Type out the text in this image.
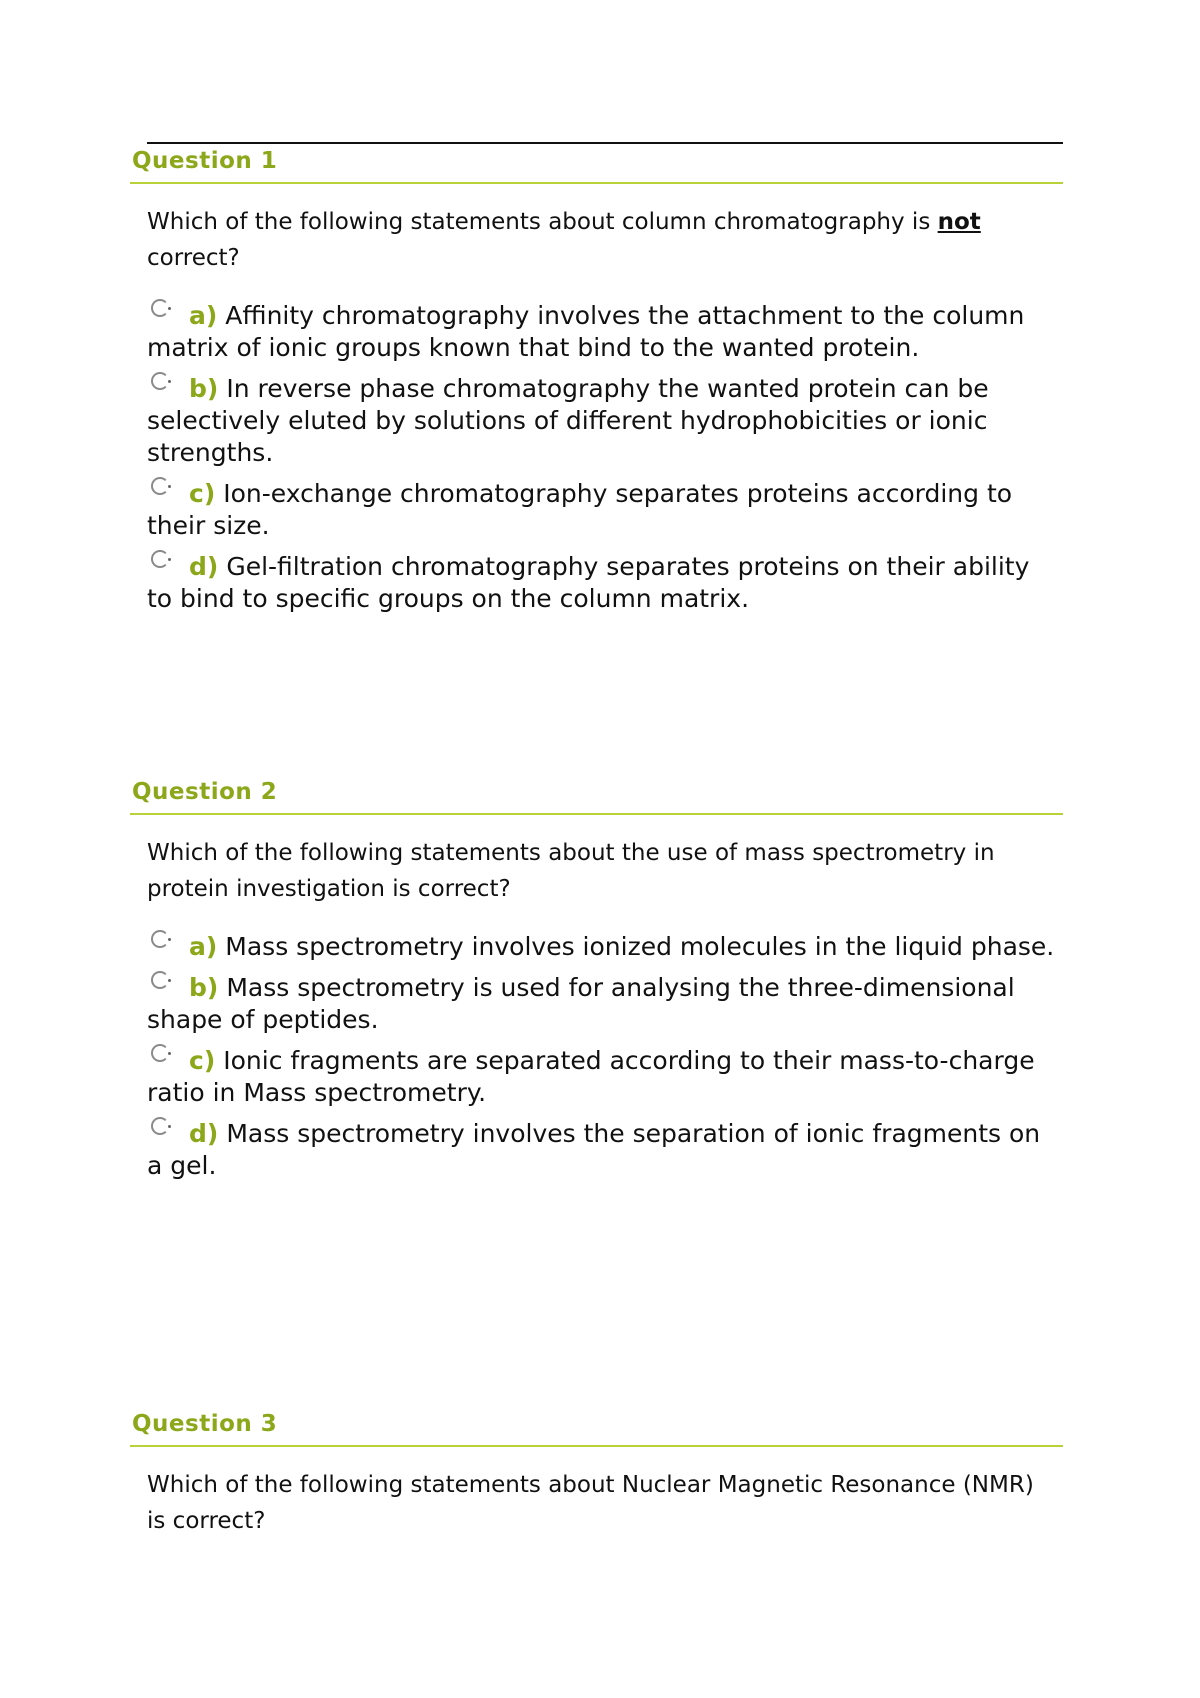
Question 1
Which of the following statements about column chromatography is not correct?
a) Affinity chromatography involves the attachment to the column matrix of ionic groups known that bind to the wanted protein.
b) In reverse phase chromatography the wanted protein can be selectively eluted by solutions of different hydrophobicities or ionic strengths.
c) Ion-exchange chromatography separates proteins according to their size.
d) Gel-filtration chromatography separates proteins on their ability to bind to specific groups on the column matrix.
Question 2
Which of the following statements about the use of mass spectrometry in protein investigation is correct?
a) Mass spectrometry involves ionized molecules in the liquid phase.
b) Mass spectrometry is used for analysing the three-dimensional shape of peptides.
c) Ionic fragments are separated according to their mass-to-charge ratio in Mass spectrometry.
d) Mass spectrometry involves the separation of ionic fragments on a gel.
Question 3
Which of the following statements about Nuclear Magnetic Resonance (NMR) is correct?
